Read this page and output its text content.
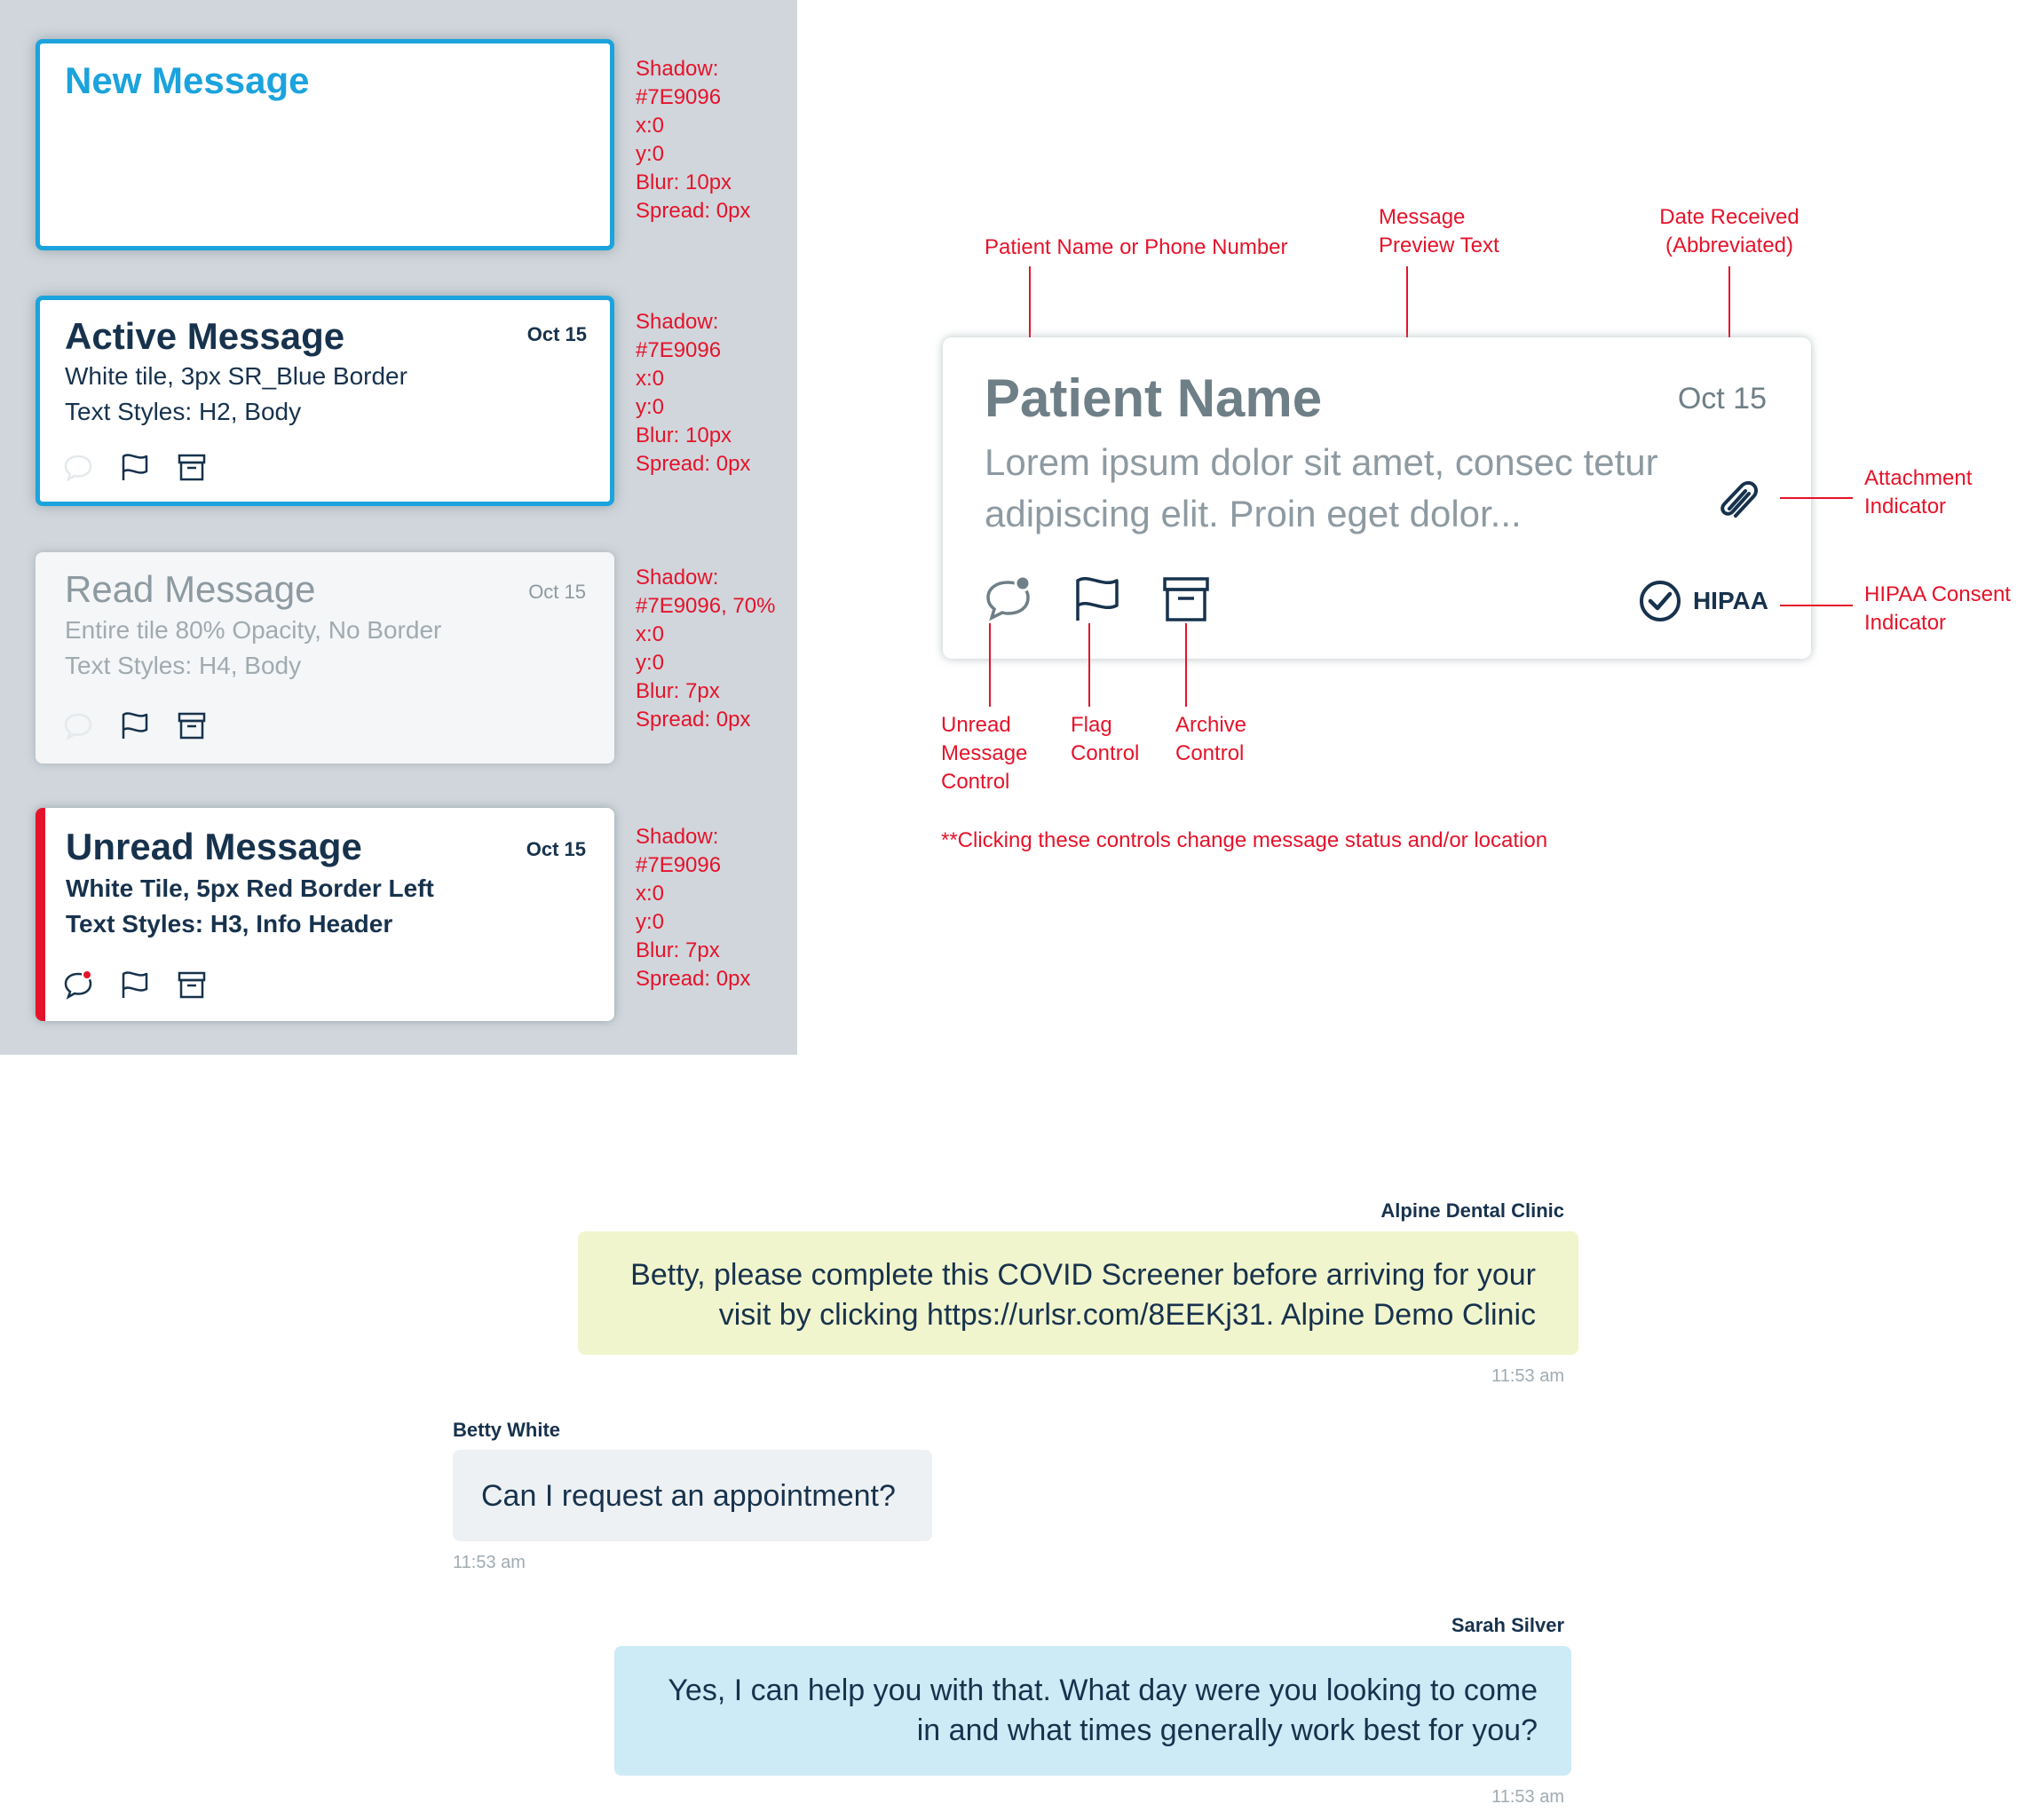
New Message
Active Message	Oct 15
White tile, 3px SR_Blue Border
Text Styles: H2, Body
Read Message	Oct 15
Entire tile 80% Opacity, No Border
Text Styles: H4, Body
Unread Message	Oct 15
White Tile, 5px Red Border Left
Text Styles: H3, Info Header
Shadow:
#7E9096
x:0
y:0
Blur: 10px
Spread: 0px
Shadow:
#7E9096
x:0
y:0
Blur: 10px
Spread: 0px
Shadow:
#7E9096, 70%
x:0
y:0
Blur: 7px
Spread: 0px
Shadow:
#7E9096
x:0
y:0
Blur: 7px
Spread: 0px
Patient Name or Phone Number
Message
Preview Text
Date Received
(Abbreviated)
Patient Name	Oct 15
Lorem ipsum dolor sit amet, consec tetur adipiscing elit. Proin eget dolor...
HIPAA
Attachment
Indicator
HIPAA Consent
Indicator
Unread
Message
Control
Flag
Control
Archive
Control
**Clicking these controls change message status and/or location
Alpine Dental Clinic
Betty, please complete this COVID Screener before arriving for your visit by clicking https://urlsr.com/8EEKj31. Alpine Demo Clinic
11:53 am
Betty White
Can I request an appointment?
11:53 am
Sarah Silver
Yes, I can help you with that. What day were you looking to come in and what times generally work best for you?
11:53 am
